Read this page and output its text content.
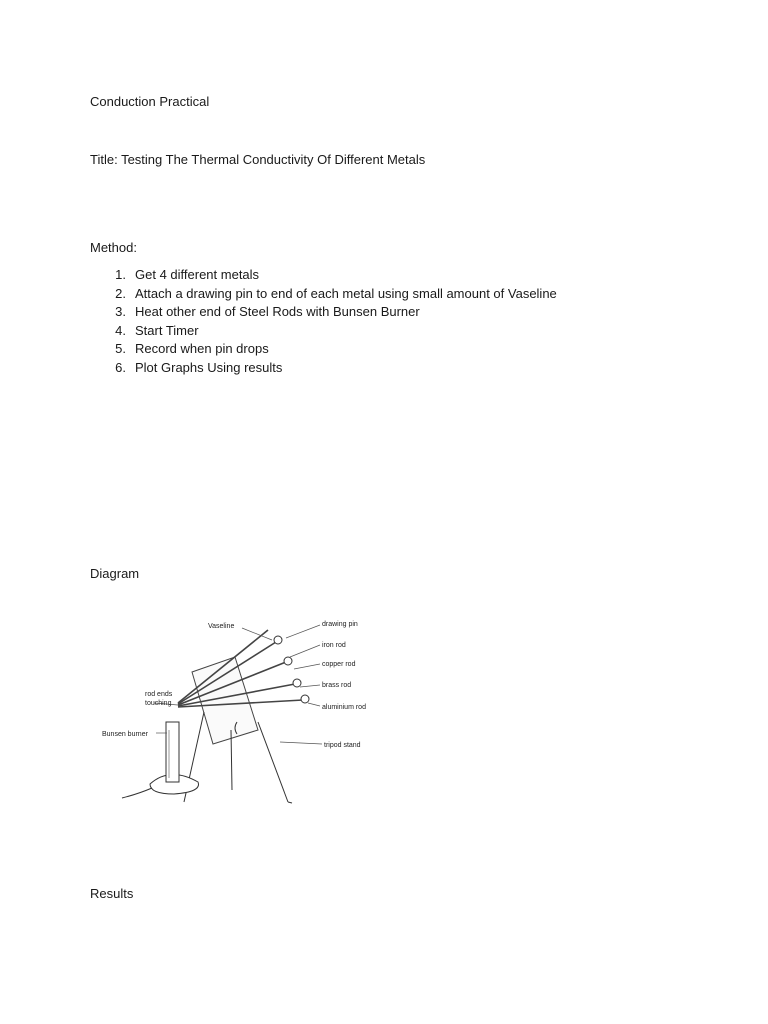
Conduction Practical
Title: Testing The Thermal Conductivity Of Different Metals
Method:
1. Get 4 different metals
2. Attach a drawing pin to end of each metal using small amount of Vaseline
3. Heat other end of Steel Rods with Bunsen Burner
4. Start Timer
5. Record when pin drops
6. Plot Graphs Using results
Diagram
Vaseline	drawing pin
iron rod
copper rod
brass rod
aluminium rod
rod ends
touching
Bunsen burner
tripod stand
Results
